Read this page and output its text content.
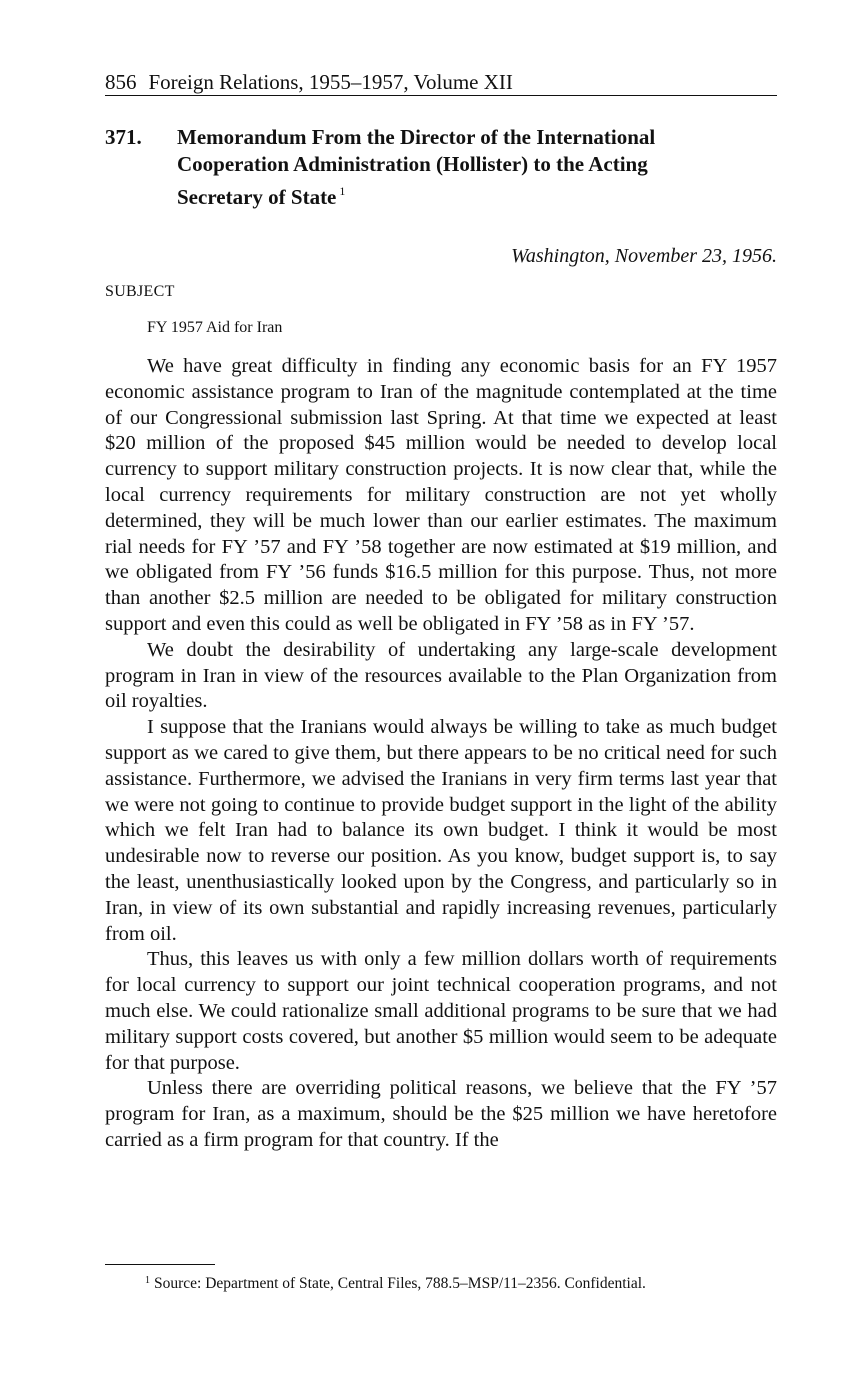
856 Foreign Relations, 1955–1957, Volume XII
371. Memorandum From the Director of the International Cooperation Administration (Hollister) to the Acting Secretary of State $^1$
Washington, November 23, 1956.
SUBJECT
FY 1957 Aid for Iran

We have great difficulty in finding any economic basis for an FY 1957 economic assistance program to Iran of the magnitude contemplated at the time of our Congressional submission last Spring. At that time we expected at least $20 million of the proposed $45 million would be needed to develop local currency to support military construction projects. It is now clear that, while the local currency requirements for military construction are not yet wholly determined, they will be much lower than our earlier estimates. The maximum rial needs for FY ’57 and FY ’58 together are now estimated at $19 million, and we obligated from FY ’56 funds $16.5 million for this purpose. Thus, not more than another $2.5 million are needed to be obligated for military construction support and even this could as well be obligated in FY ’58 as in FY ’57.

We doubt the desirability of undertaking any large-scale development program in Iran in view of the resources available to the Plan Organization from oil royalties.

I suppose that the Iranians would always be willing to take as much budget support as we cared to give them, but there appears to be no critical need for such assistance. Furthermore, we advised the Iranians in very firm terms last year that we were not going to continue to provide budget support in the light of the ability which we felt Iran had to balance its own budget. I think it would be most undesirable now to reverse our position. As you know, budget support is, to say the least, unenthusiastically looked upon by the Congress, and particularly so in Iran, in view of its own substantial and rapidly increasing revenues, particularly from oil.

Thus, this leaves us with only a few million dollars worth of requirements for local currency to support our joint technical cooperation programs, and not much else. We could rationalize small additional programs to be sure that we had military support costs covered, but another $5 million would seem to be adequate for that purpose.

Unless there are overriding political reasons, we believe that the FY ’57 program for Iran, as a maximum, should be the $25 million we have heretofore carried as a firm program for that country. If the

$^1$ Source: Department of State, Central Files, 788.5–MSP/11–2356. Confidential.
